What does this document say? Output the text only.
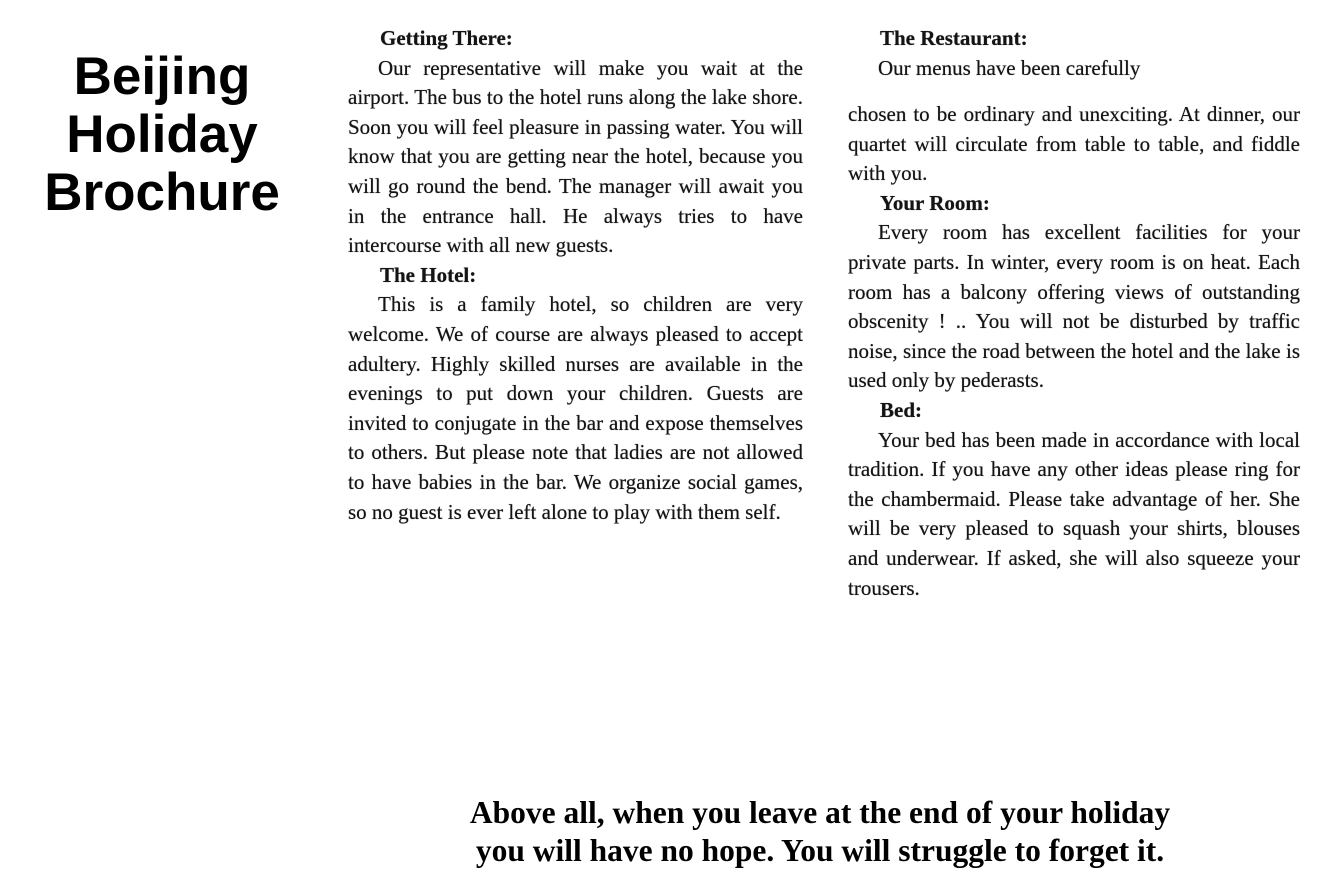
Beijing
Holiday
Brochure
Getting There:

Our representative will make you wait at the airport. The bus to the hotel runs along the lake shore. Soon you will feel pleasure in passing water. You will know that you are getting near the hotel, because you will go round the bend. The manager will await you in the entrance hall. He always tries to have intercourse with all new guests.

The Hotel:

This is a family hotel, so children are very welcome. We of course are always pleased to accept adultery. Highly skilled nurses are available in the evenings to put down your children. Guests are invited to conjugate in the bar and expose themselves to others. But please note that ladies are not allowed to have babies in the bar. We organize social games, so no guest is ever left alone to play with them self.

The Restaurant:

Our menus have been carefully

chosen to be ordinary and unexciting. At dinner, our quartet will circulate from table to table, and fiddle with you.

Your Room:

Every room has excellent facilities for your private parts. In winter, every room is on heat. Each room has a balcony offering views of outstanding obscenity ! .. You will not be disturbed by traffic noise, since the road between the hotel and the lake is used only by pederasts.

Bed:

Your bed has been made in accordance with local tradition. If you have any other ideas please ring for the chambermaid. Please take advantage of her. She will be very pleased to squash your shirts, blouses and underwear. If asked, she will also squeeze your trousers.

Above all, when you leave at the end of your holiday
you will have no hope. You will struggle to forget it.
